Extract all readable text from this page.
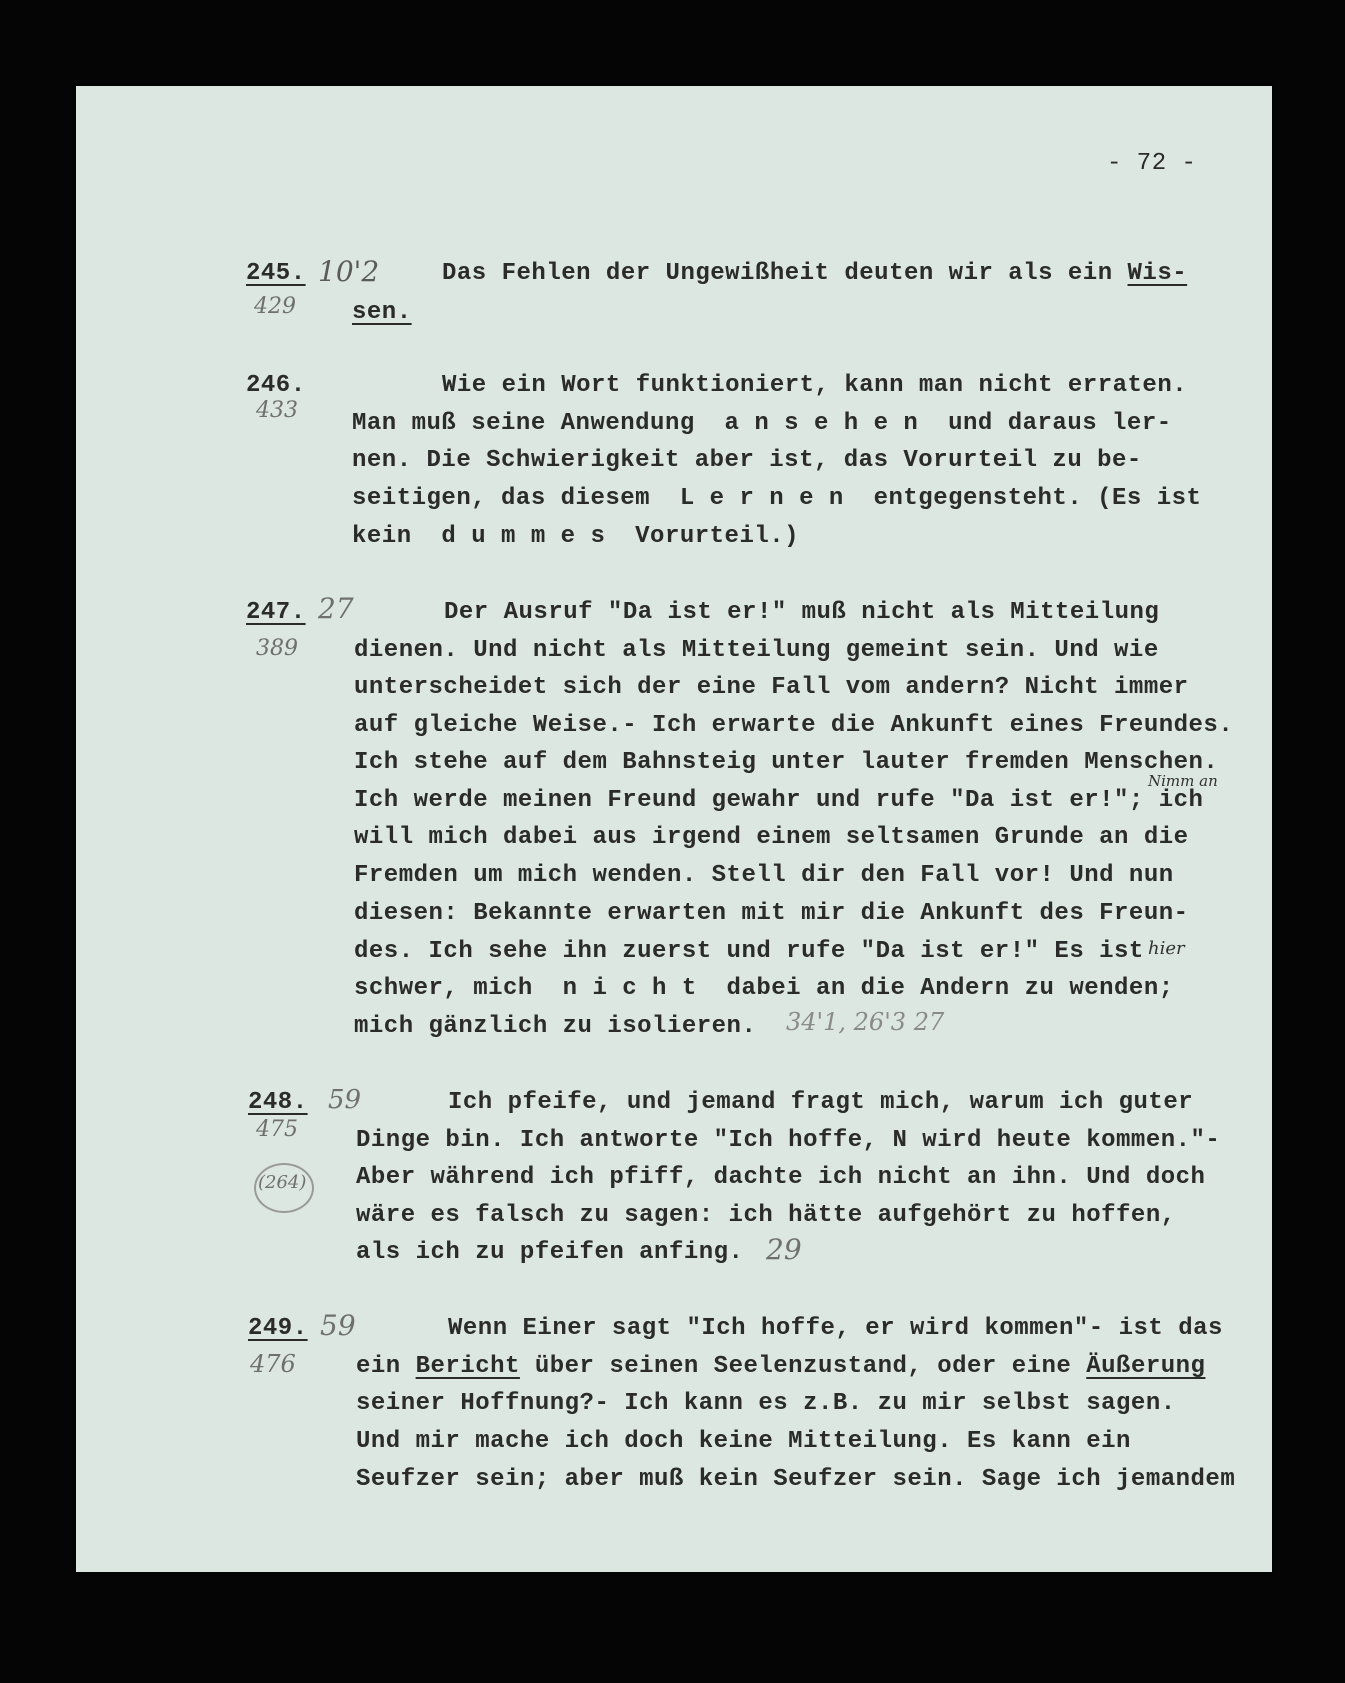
- 72 -
245. 10'2
429
Das Fehlen der Ungewißheit deuten wir als ein Wis-
sen.
246.
433
Wie ein Wort funktioniert, kann man nicht erraten.
Man muß seine Anwendung  a n s e h e n  und daraus ler-
nen. Die Schwierigkeit aber ist, das Vorurteil zu be-
seitigen, das diesem  L e r n e n  entgegensteht. (Es ist
kein  d u m m e s  Vorurteil.)
247. 27
389
Der Ausruf "Da ist er!" muß nicht als Mitteilung
dienen. Und nicht als Mitteilung gemeint sein. Und wie
unterscheidet sich der eine Fall vom andern? Nicht immer
auf gleiche Weise.- Ich erwarte die Ankunft eines Freundes.
Ich stehe auf dem Bahnsteig unter lauter fremden Menschen.
Nimm an
Ich werde meinen Freund gewahr und rufe "Da ist er!"; ich
will mich dabei aus irgend einem seltsamen Grunde an die
Fremden um mich wenden. Stell dir den Fall vor! Und nun
diesen: Bekannte erwarten mit mir die Ankunft des Freun-
des. Ich sehe ihn zuerst und rufe "Da ist er!" Es ist hier
schwer, mich  n i c h t  dabei an die Andern zu wenden;
mich gänzlich zu isolieren. 34'1, 26'3 27
248. 59
475
(264)
Ich pfeife, und jemand fragt mich, warum ich guter
Dinge bin. Ich antworte "Ich hoffe, N wird heute kommen."-
Aber während ich pfiff, dachte ich nicht an ihn. Und doch
wäre es falsch zu sagen: ich hätte aufgehört zu hoffen,
als ich zu pfeifen anfing. 29
249. 59
476
Wenn Einer sagt "Ich hoffe, er wird kommen"- ist das
ein Bericht über seinen Seelenzustand, oder eine Äußerung
seiner Hoffnung?- Ich kann es z.B. zu mir selbst sagen.
Und mir mache ich doch keine Mitteilung. Es kann ein
Seufzer sein; aber muß kein Seufzer sein. Sage ich jemandem
